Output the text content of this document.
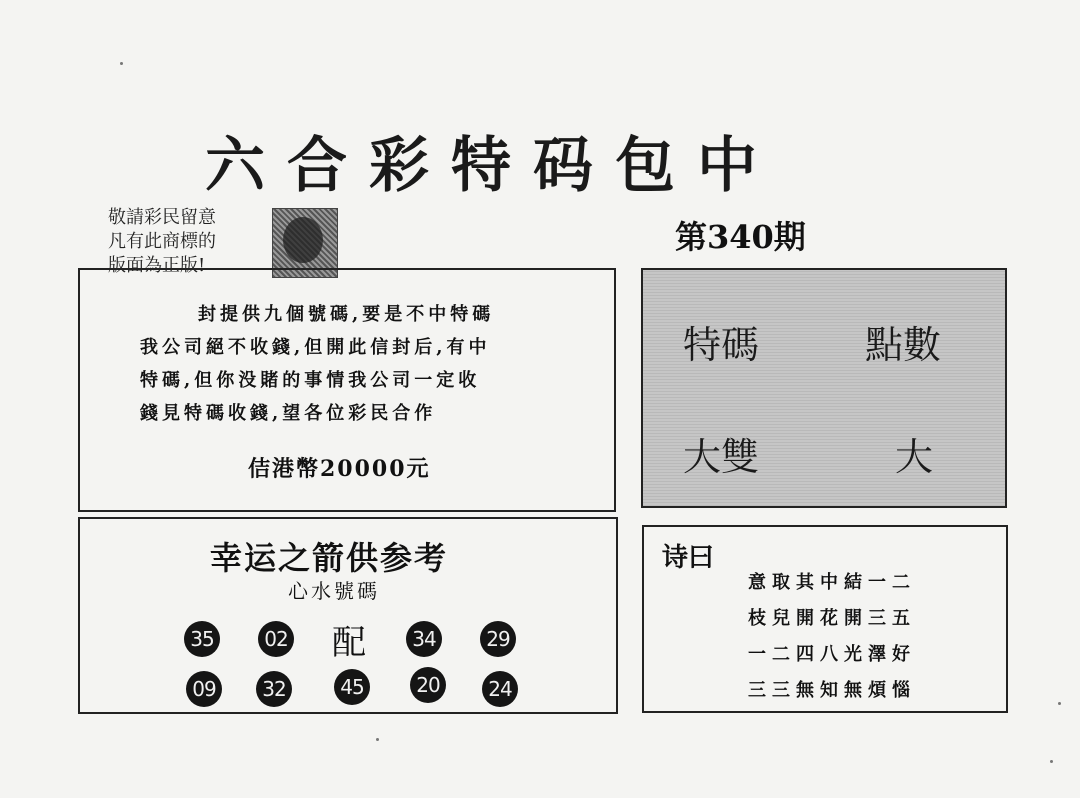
六合彩特码包中
敬請彩民留意
凡有此商標的
版面為正版!
第340期
封提供九個號碼,要是不中特碼
我公司絕不收錢,但開此信封后,有中
特碼,但你没賭的事情我公司一定收
錢見特碼收錢,望各位彩民合作
佶港幣20000元
特碼	點數
大雙	大
幸运之箭供参考
心水號碼
35	02 配	34	29
09	32	45	20	24
诗曰
意取其中結一二
枝兒開花開三五
一二四八光澤好
三三無知無煩惱
